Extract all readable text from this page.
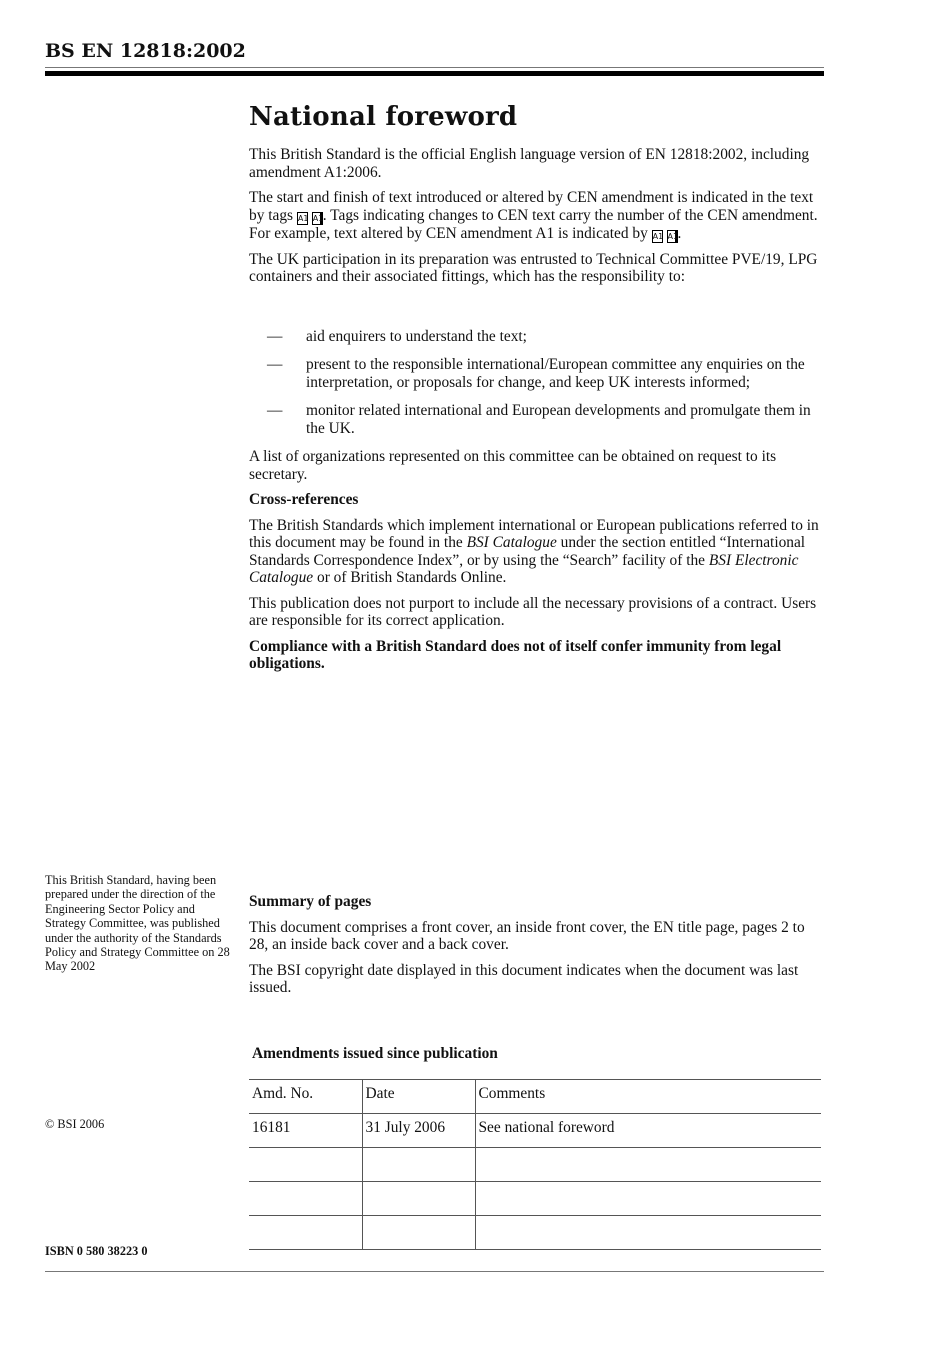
BS EN 12818:2002
National foreword

This British Standard is the official English language version of EN 12818:2002, including amendment A1:2006.

The start and finish of text introduced or altered by CEN amendment is indicated in the text by tags A1 A1. Tags indicating changes to CEN text carry the number of the CEN amendment. For example, text altered by CEN amendment A1 is indicated by A1 A1.

The UK participation in its preparation was entrusted to Technical Committee PVE/19, LPG containers and their associated fittings, which has the responsibility to:

— aid enquirers to understand the text;
— present to the responsible international/European committee any enquiries on the interpretation, or proposals for change, and keep UK interests informed;
— monitor related international and European developments and promulgate them in the UK.

A list of organizations represented on this committee can be obtained on request to its secretary.

Cross-references

The British Standards which implement international or European publications referred to in this document may be found in the BSI Catalogue under the section entitled “International Standards Correspondence Index”, or by using the “Search” facility of the BSI Electronic Catalogue or of British Standards Online.

This publication does not purport to include all the necessary provisions of a contract. Users are responsible for its correct application.

Compliance with a British Standard does not of itself confer immunity from legal obligations.

This British Standard, having been prepared under the direction of the Engineering Sector Policy and Strategy Committee, was published under the authority of the Standards Policy and Strategy Committee on 28 May 2002

Summary of pages

This document comprises a front cover, an inside front cover, the EN title page, pages 2 to 28, an inside back cover and a back cover.

The BSI copyright date displayed in this document indicates when the document was last issued.

Amendments issued since publication
Amd. No.	Date	Comments
16181	31 July 2006	See national foreword

© BSI 2006
ISBN 0 580 38223 0
